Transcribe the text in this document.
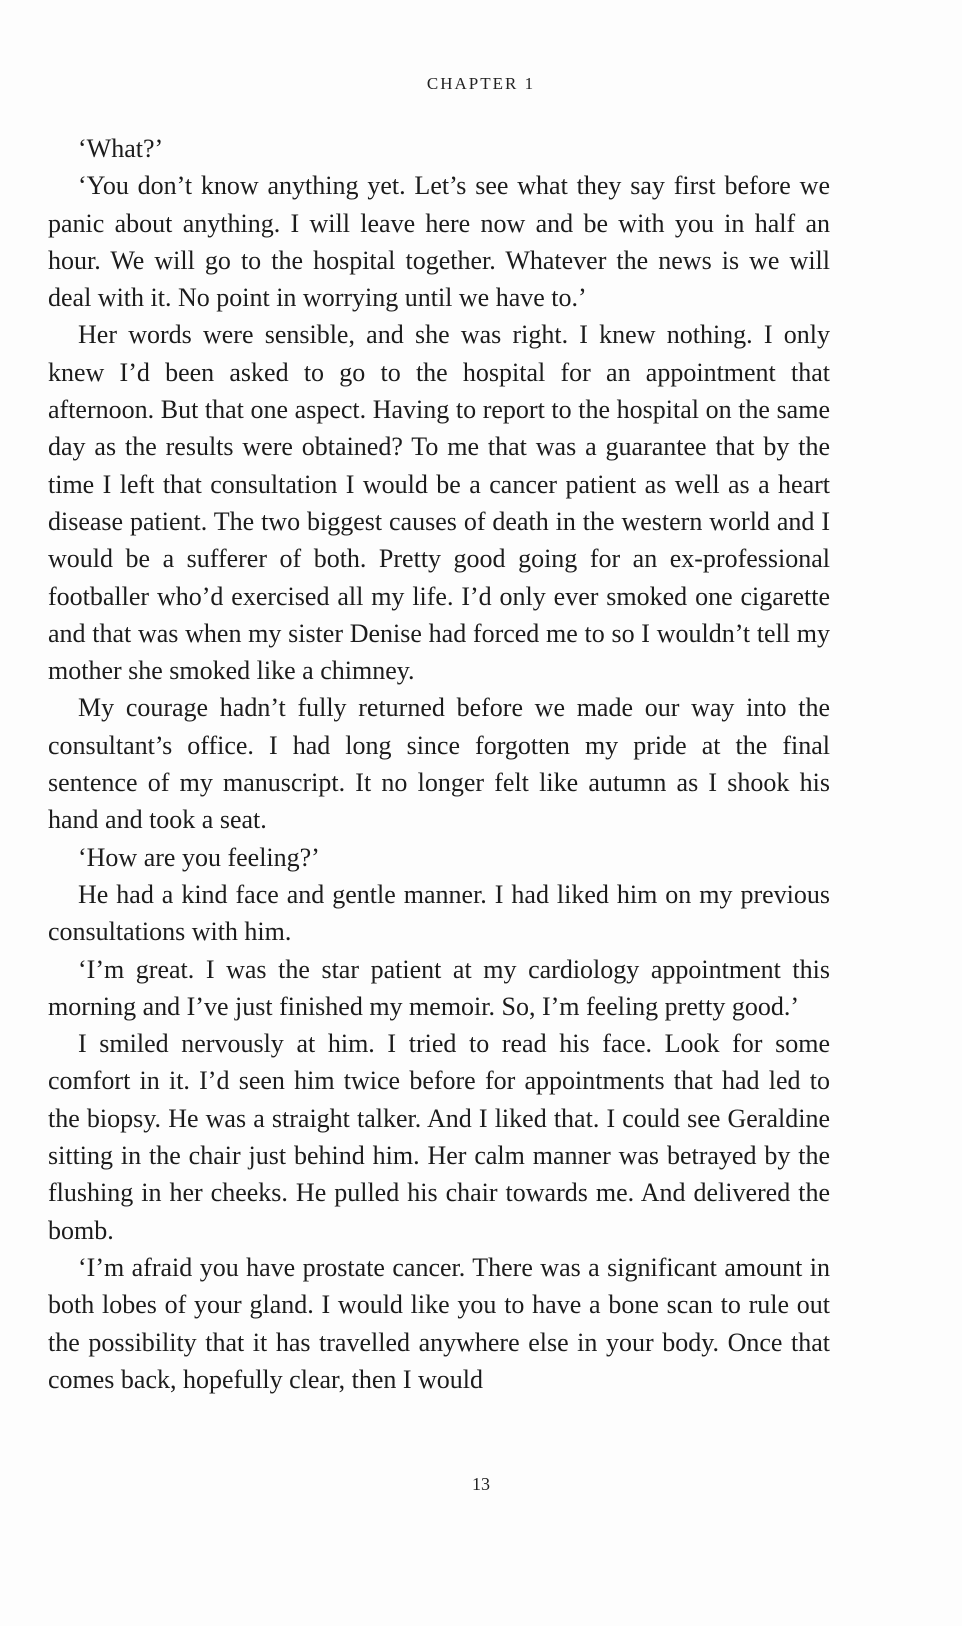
CHAPTER 1

‘What?’

‘You don’t know anything yet. Let’s see what they say first before we panic about anything. I will leave here now and be with you in half an hour. We will go to the hospital together. Whatever the news is we will deal with it. No point in worrying until we have to.’

Her words were sensible, and she was right. I knew nothing. I only knew I’d been asked to go to the hospital for an appointment that afternoon. But that one aspect. Having to report to the hospital on the same day as the results were obtained? To me that was a guarantee that by the time I left that consultation I would be a cancer patient as well as a heart disease patient. The two biggest causes of death in the western world and I would be a sufferer of both. Pretty good going for an ex-professional footballer who’d exercised all my life. I’d only ever smoked one cigarette and that was when my sister Denise had forced me to so I wouldn’t tell my mother she smoked like a chimney.

My courage hadn’t fully returned before we made our way into the consultant’s office. I had long since forgotten my pride at the final sentence of my manuscript. It no longer felt like autumn as I shook his hand and took a seat.

‘How are you feeling?’

He had a kind face and gentle manner. I had liked him on my previous consultations with him.

‘I’m great. I was the star patient at my cardiology appointment this morning and I’ve just finished my memoir. So, I’m feeling pretty good.’

I smiled nervously at him. I tried to read his face. Look for some comfort in it. I’d seen him twice before for appointments that had led to the biopsy. He was a straight talker. And I liked that. I could see Geraldine sitting in the chair just behind him. Her calm manner was betrayed by the flushing in her cheeks. He pulled his chair towards me. And delivered the bomb.

‘I’m afraid you have prostate cancer. There was a significant amount in both lobes of your gland. I would like you to have a bone scan to rule out the possibility that it has travelled anywhere else in your body. Once that comes back, hopefully clear, then I would

13
